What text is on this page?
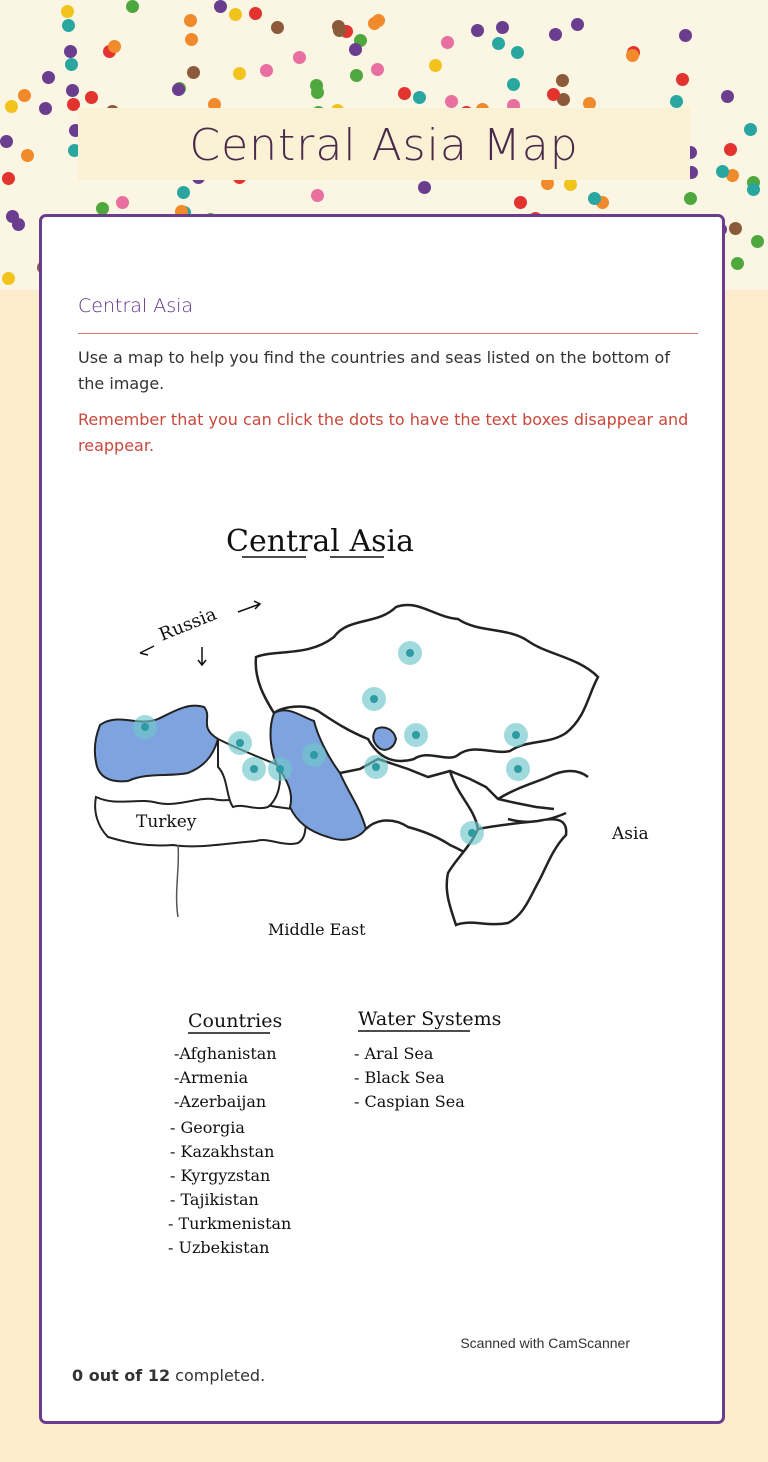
Central Asia Map
Central Asia
Use a map to help you find the countries and seas listed on the bottom of the image.
Remember that you can click the dots to have the text boxes disappear and reappear.
Central Asia
Russia
Turkey
Asia
Middle East
Countries
-Afghanistan
-Armenia
-Azerbaijan
- Georgia
- Kazakhstan
- Kyrgyzstan
- Tajikistan
- Turkmenistan
- Uzbekistan
Water Systems
- Aral Sea
- Black Sea
- Caspian Sea
Scanned with CamScanner
0 out of 12 completed.
